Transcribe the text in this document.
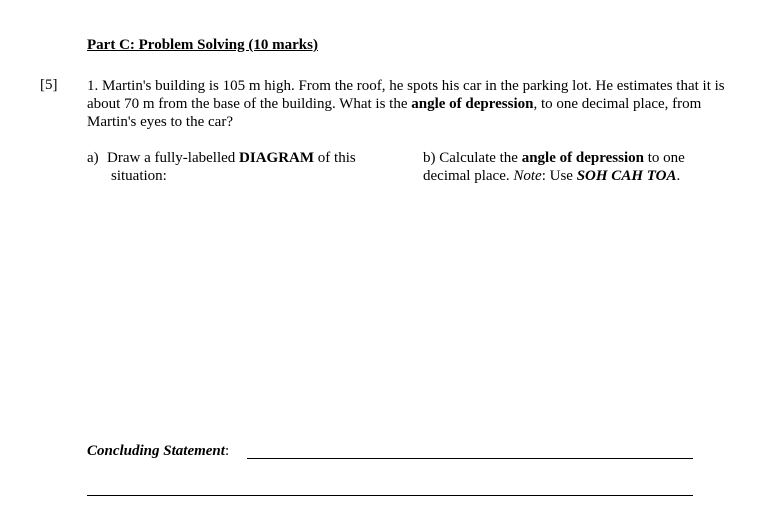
Part C: Problem Solving (10 marks)
[5] 1. Martin's building is 105 m high. From the roof, he spots his car in the parking lot. He estimates that it is about 70 m from the base of the building. What is the angle of depression, to one decimal place, from Martin's eyes to the car?
a) Draw a fully-labelled DIAGRAM of this
situation:
b) Calculate the angle of depression to one
decimal place. Note: Use SOH CAH TOA.
Concluding Statement:
